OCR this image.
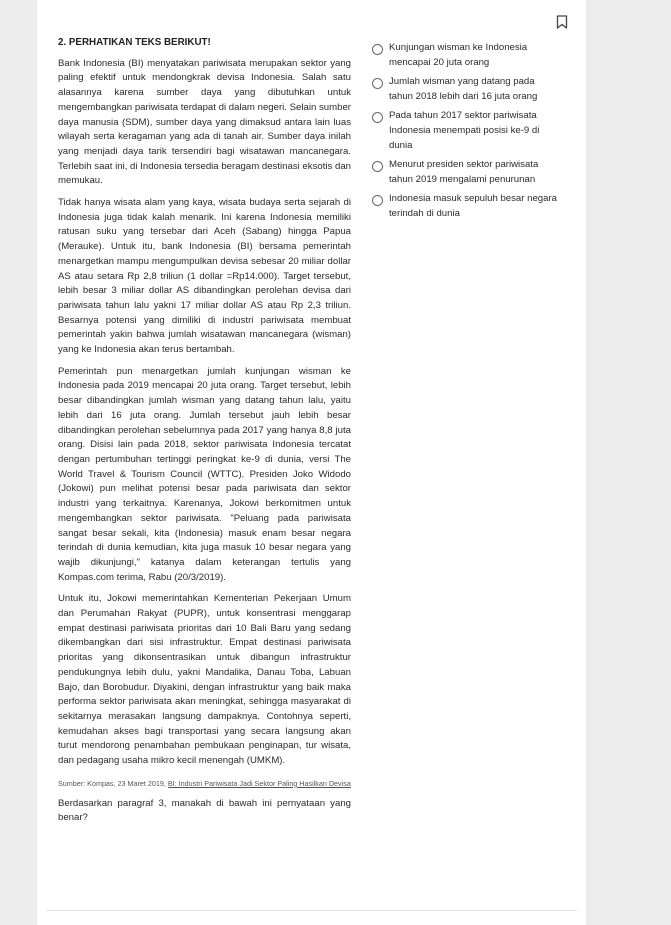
2. PERHATIKAN TEKS BERIKUT!

Bank Indonesia (BI) menyatakan pariwisata merupakan sektor yang paling efektif untuk mendongkrak devisa Indonesia. Salah satu alasannya karena sumber daya yang dibutuhkan untuk mengembangkan pariwisata terdapat di dalam negeri. Selain sumber daya manusia (SDM), sumber daya yang dimaksud antara lain luas wilayah serta keragaman yang ada di tanah air. Sumber daya inilah yang menjadi daya tarik tersendiri bagi wisatawan mancanegara. Terlebih saat ini, di Indonesia tersedia beragam destinasi eksotis dan memukau.

Tidak hanya wisata alam yang kaya, wisata budaya serta sejarah di Indonesia juga tidak kalah menarik. Ini karena Indonesia memiliki ratusan suku yang tersebar dari Aceh (Sabang) hingga Papua (Merauke). Untuk itu, bank Indonesia (BI) bersama pemerintah menargetkan mampu mengumpulkan devisa sebesar 20 miliar dollar AS atau setara Rp 2,8 triliun (1 dollar =Rp14.000). Target tersebut, lebih besar 3 miliar dollar AS dibandingkan perolehan devisa dari pariwisata tahun lalu yakni 17 miliar dollar AS atau Rp 2,3 triliun. Besarnya potensi yang dimiliki di industri pariwisata membuat pemerintah yakin bahwa jumlah wisatawan mancanegara (wisman) yang ke Indonesia akan terus bertambah.

Pemerintah pun menargetkan jumlah kunjungan wisman ke Indonesia pada 2019 mencapai 20 juta orang. Target tersebut, lebih besar dibandingkan jumlah wisman yang datang tahun lalu, yaitu lebih dari 16 juta orang. Jumlah tersebut jauh lebih besar dibandingkan perolehan sebelumnya pada 2017 yang hanya 8,8 juta orang. Disisi lain pada 2018, sektor pariwisata Indonesia tercatat dengan pertumbuhan tertinggi peringkat ke-9 di dunia, versi The World Travel & Tourism Council (WTTC). Presiden Joko Widodo (Jokowi) pun melihat potensi besar pada pariwisata dan sektor industri yang terkaitnya. Karenanya, Jokowi berkomitmen untuk mengembangkan sektor pariwisata. "Peluang pada pariwisata sangat besar sekali, kita (Indonesia) masuk enam besar negara terindah di dunia kemudian, kita juga masuk 10 besar negara yang wajib dikunjungi," katanya dalam keterangan tertulis yang Kompas.com terima, Rabu (20/3/2019).

Untuk itu, Jokowi memerintahkan Kementerian Pekerjaan Umum dan Perumahan Rakyat (PUPR), untuk konsentrasi menggarap empat destinasi pariwisata prioritas dari 10 Bali Baru yang sedang dikembangkan dari sisi infrastruktur. Empat destinasi pariwisata prioritas yang dikonsentrasikan untuk dibangun infrastruktur pendukungnya lebih dulu, yakni Mandalika, Danau Toba, Labuan Bajo, dan Borobudur. Diyakini, dengan infrastruktur yang baik maka performa sektor pariwisata akan meningkat, sehingga masyarakat di sekitarnya merasakan langsung dampaknya. Contohnya seperti, kemudahan akses bagi transportasi yang secara langsung akan turut mendorong penambahan pembukaan penginapan, tur wisata, dan pedagang usaha mikro kecil menengah (UMKM).

Sumber: Kompas, 23 Maret 2019, BI: Industri Pariwisata Jadi Sektor Paling Hasilkan Devisa

Berdasarkan paragraf 3, manakah di bawah ini pernyataan yang benar?

Kunjungan wisman ke Indonesia mencapai 20 juta orang
Jumlah wisman yang datang pada tahun 2018 lebih dari 16 juta orang
Pada tahun 2017 sektor pariwisata Indonesia menempati posisi ke-9 di dunia
Menurut presiden sektor pariwisata tahun 2019 mengalami penurunan
Indonesia masuk sepuluh besar negara terindah di dunia
